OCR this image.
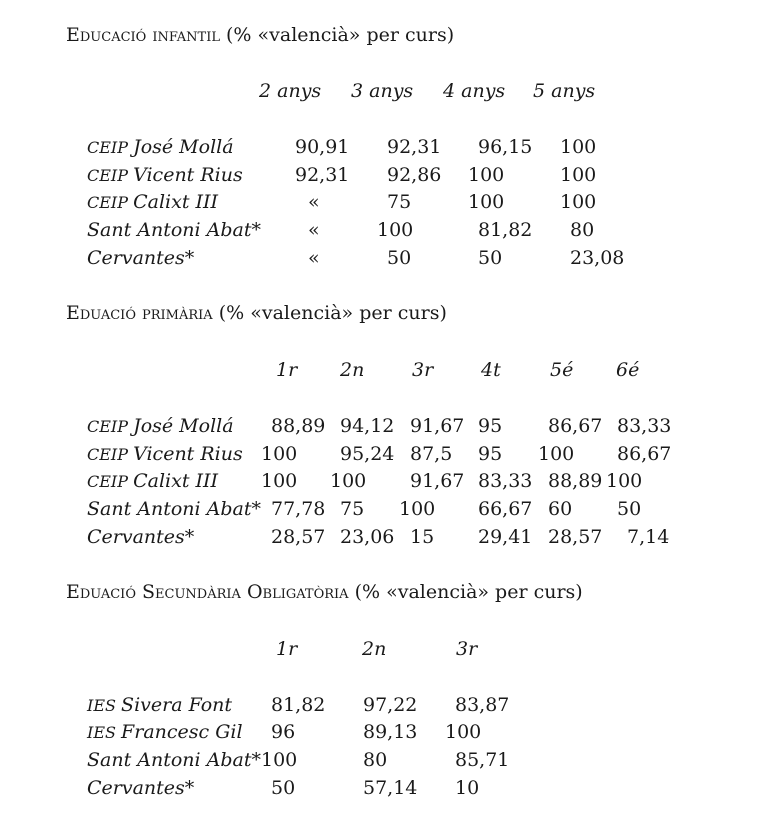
Educació infantil (% «valencià» per curs)
Eduació primària (% «valencià» per curs)
Eduació Secundària Obligatòria (% «valencià» per curs)
2 anys 3 anys 4 anys 5 anys
CEIP José Mollá	90,91 92,31 96,15 100
CEIP Vicent Rius	92,31 92,86 100	100
CEIP Calixt III	«	75	100	100
Sant Antoni Abat* «	100	81,82 80
Cervantes*	«	50	50	23,08
1r 2n	3r	4t	5é 6é
CEIP José Mollá 88,89 94,12 91,67 95 86,67 83,33
CEIP Vicent Rius 100 95,24 87,5 95 100 86,67
CEIP Calixt III 100 100 91,67 83,33 88,89 100
Sant Antoni Abat* 77,78 75 100 66,67 60 50
Cervantes*	28,57 23,06 15 29,41 28,57 7,14
1r	2n	3r
IES Sivera Font 81,82 97,22 83,87
IES Francesc Gil 96	89,13 100
Sant Antoni Abat* 100	80	85,71
Cervantes*	50	57,14 10
